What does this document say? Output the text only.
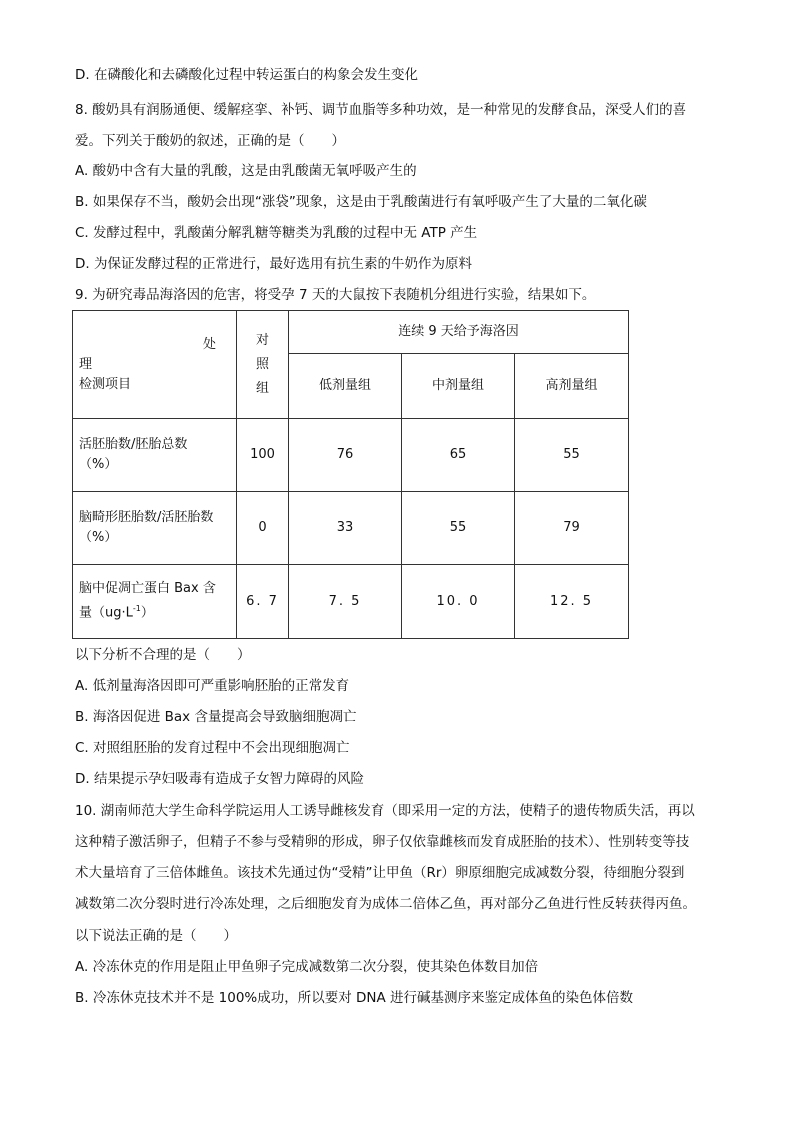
D. 在磷酸化和去磷酸化过程中转运蛋白的构象会发生变化
8. 酸奶具有润肠通便、缓解痉挛、补钙、调节血脂等多种功效，是一种常见的发酵食品，深受人们的喜
爱。下列关于酸奶的叙述，正确的是（　　）
A. 酸奶中含有大量的乳酸，这是由乳酸菌无氧呼吸产生的
B. 如果保存不当，酸奶会出现“涨袋”现象，这是由于乳酸菌进行有氧呼吸产生了大量的二氧化碳
C. 发酵过程中，乳酸菌分解乳糖等糖类为乳酸的过程中无 ATP 产生
D. 为保证发酵过程的正常进行，最好选用有抗生素的牛奶作为原料
9. 为研究毒品海洛因的危害，将受孕 7 天的大鼠按下表随机分组进行实验，结果如下。
处
理
检测项目	对照组	连续 9 天给予海洛因		
		低剂量组	中剂量组	高剂量组

活胚胎数/胚胎总数
（%）	100	76	65	55

脑畸形胚胎数/活胚胎数
（%）	0	33	55	79

脑中促凋亡蛋白 Bax 含
量$(ug\cdot L^{-1})$	6. 7	7. 5	10. 0	12. 5
以下分析不合理的是（　　）
A. 低剂量海洛因即可严重影响胚胎的正常发育
B. 海洛因促进 Bax 含量提高会导致脑细胞凋亡
C. 对照组胚胎的发育过程中不会出现细胞凋亡
D. 结果提示孕妇吸毒有造成子女智力障碍的风险
10. 湖南师范大学生命科学院运用人工诱导雌核发育（即采用一定的方法，使精子的遗传物质失活，再以
这种精子激活卵子，但精子不参与受精卵的形成，卵子仅依靠雌核而发育成胚胎的技术）、性别转变等技
术大量培育了三倍体雌鱼。该技术先通过伪“受精”让甲鱼（Rr）卵原细胞完成减数分裂，待细胞分裂到
减数第二次分裂时进行冷冻处理，之后细胞发育为成体二倍体乙鱼，再对部分乙鱼进行性反转获得丙鱼。
以下说法正确的是（　　）
A. 冷冻休克的作用是阻止甲鱼卵子完成减数第二次分裂，使其染色体数目加倍
B. 冷冻休克技术并不是 100%成功，所以要对 DNA 进行碱基测序来鉴定成体鱼的染色体倍数
